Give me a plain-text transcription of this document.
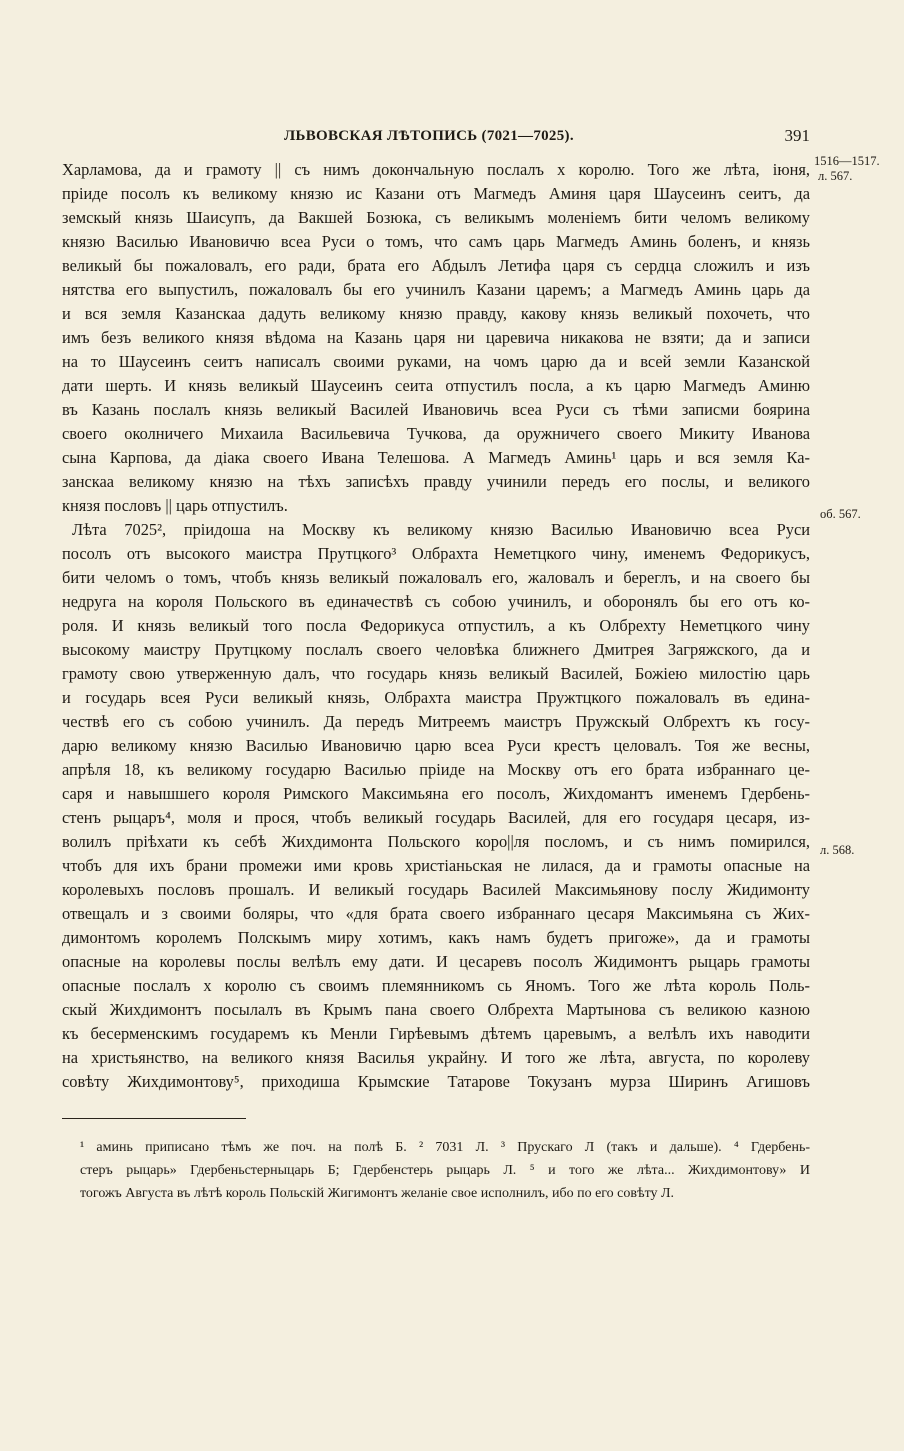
ЛЬВОВСКАЯ ЛѢТОПИСЬ (7021—7025).	391
1516—1517.
л. 567.
об. 567.
л. 568.
Харламова, да и грамоту || съ нимъ докончальную послалъ х королю. Того же лѣта, іюня,
пріиде посолъ къ великому князю ис Казани отъ Магмедъ Аминя царя Шаусеинъ сеитъ, да
земскый князь Шаисупъ, да Вакшей Бозюка, съ великымъ моленіемъ бити челомъ великому
князю Василью Ивановичю всеа Руси о томъ, что самъ царь Магмедъ Аминь боленъ, и князь
великый бы пожаловалъ, его ради, брата его Абдылъ Летифа царя съ сердца сложилъ и изъ
нятства его выпустилъ, пожаловалъ бы его учинилъ Казани царемъ; а Магмедъ Аминь царь да
и вся земля Казанскаа дадуть великому князю правду, какову князь великый похочеть, что
имъ безъ великого князя вѣдома на Казань царя ни царевича никакова не взяти; да и записи
на то Шаусеинъ сеитъ написалъ своими руками, на чомъ царю да и всей земли Казанской
дати шерть. И князь великый Шаусеинъ сеита отпустилъ посла, а къ царю Магмедъ Аминю
въ Казань послалъ князь великый Василей Ивановичь всеа Руси съ тѣми записми боярина
своего околничего Михаила Васильевича Тучкова, да оружничего своего Микиту Иванова
сына Карпова, да діака своего Ивана Телешова. А Магмедъ Аминь¹ царь и вся земля Ка-
занскаа великому князю на тѣхъ записѣхъ правду учинили передъ его послы, и великого
князя пословъ || царь отпустилъ.
Лѣта 7025², пріидоша на Москву къ великому князю Василью Ивановичю всеа Руси
посолъ отъ высокого маистра Прутцкого³ Олбрахта Неметцкого чину, именемъ Федорикусъ,
бити челомъ о томъ, чтобъ князь великый пожаловалъ его, жаловалъ и береглъ, и на своего бы
недруга на короля Польского въ единачествѣ съ собою учинилъ, и оборонялъ бы его отъ ко-
роля. И князь великый того посла Федорикуса отпустилъ, а къ Олбрехту Неметцкого чину
высокому маистру Прутцкому послалъ своего человѣка ближнего Дмитрея Загряжского, да и
грамоту свою утверженную далъ, что государь князь великый Василей, Божіею милостію царь
и государь всея Руси великый князь, Олбрахта маистра Пружтцкого пожаловалъ въ едина-
чествѣ его съ собою учинилъ. Да передъ Митреемъ маистръ Пружскый Олбрехтъ къ госу-
дарю великому князю Василью Ивановичю царю всеа Руси крестъ целовалъ. Тоя же весны,
апрѣля 18, къ великому государю Василью пріиде на Москву отъ его брата избраннаго це-
саря и навышшего короля Римского Максимьяна его посолъ, Жихдомантъ именемъ Гдербень-
стенъ рыцаръ⁴, моля и прося, чтобъ великый государь Василей, для его государя цесаря, из-
волилъ пріѣхати къ себѣ Жихдимонта Польского коро||ля посломъ, и съ нимъ помирился,
чтобъ для ихъ брани промежи ими кровь христіаньская не лилася, да и грамоты опасные на
королевыхъ пословъ прошалъ. И великый государь Василей Максимьянову послу Жидимонту
отвещалъ и з своими боляры, что «для брата своего избраннаго цесаря Максимьяна съ Жих-
димонтомъ королемъ Полскымъ миру хотимъ, какъ намъ будетъ пригоже», да и грамоты
опасные на королевы послы велѣлъ ему дати. И цесаревъ посолъ Жидимонтъ рыцарь грамоты
опасные послалъ х королю съ своимъ племянникомъ сь Яномъ. Того же лѣта король Поль-
скый Жихдимонтъ посылалъ въ Крымъ пана своего Олбрехта Мартынова съ великою казною
къ бесерменскимъ государемъ къ Менли Гирѣевымъ дѣтемъ царевымъ, а велѣлъ ихъ наводити
на христьянство, на великого князя Василья украйну. И того же лѣта, августа, по королеву
совѣту Жихдимонтову⁵, приходиша Крымские Татарове Токузанъ мурза Ширинъ Агишовъ
¹ аминь приписано тѣмъ же поч. на полѣ Б. ² 7031 Л. ³ Прускаго Л (такъ и дальше). ⁴ Гдербень-
стеръ рыцарь» Гдербеньстерныцарь Б; Гдербенстерь рыцарь Л. ⁵ и того же лѣта... Жихдимонтову» И
тогожъ Августа въ лѣтѣ король Польскій Жигимонтъ желаніе свое исполнилъ, ибо по его совѣту Л.
